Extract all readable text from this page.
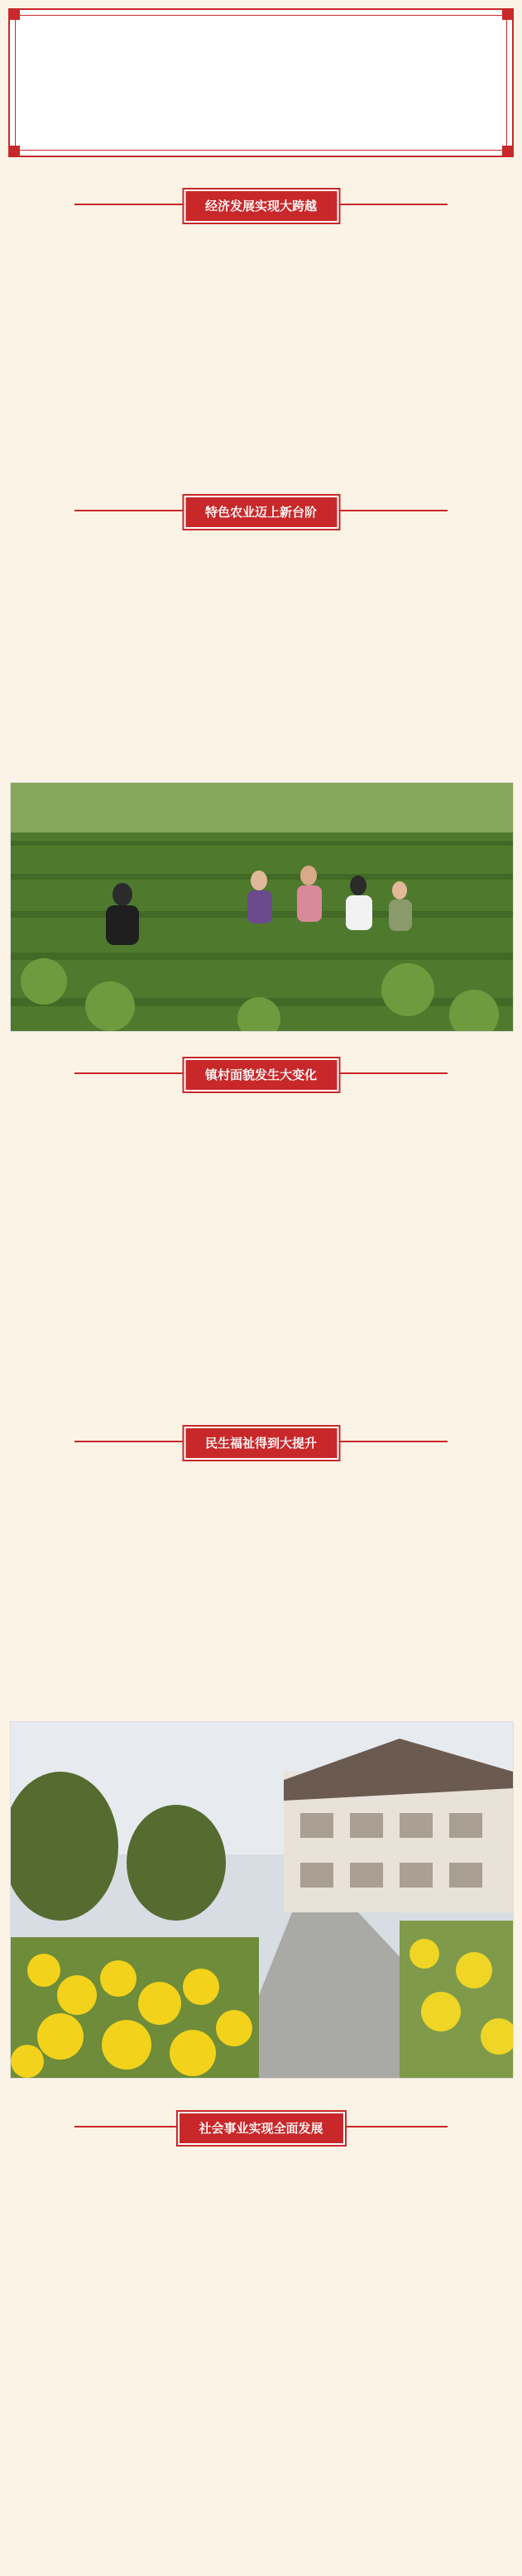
经济发展实现大跨越
特色农业迈上新台阶
镇村面貌发生大变化
民生福祉得到大提升
社会事业实现全面发展
